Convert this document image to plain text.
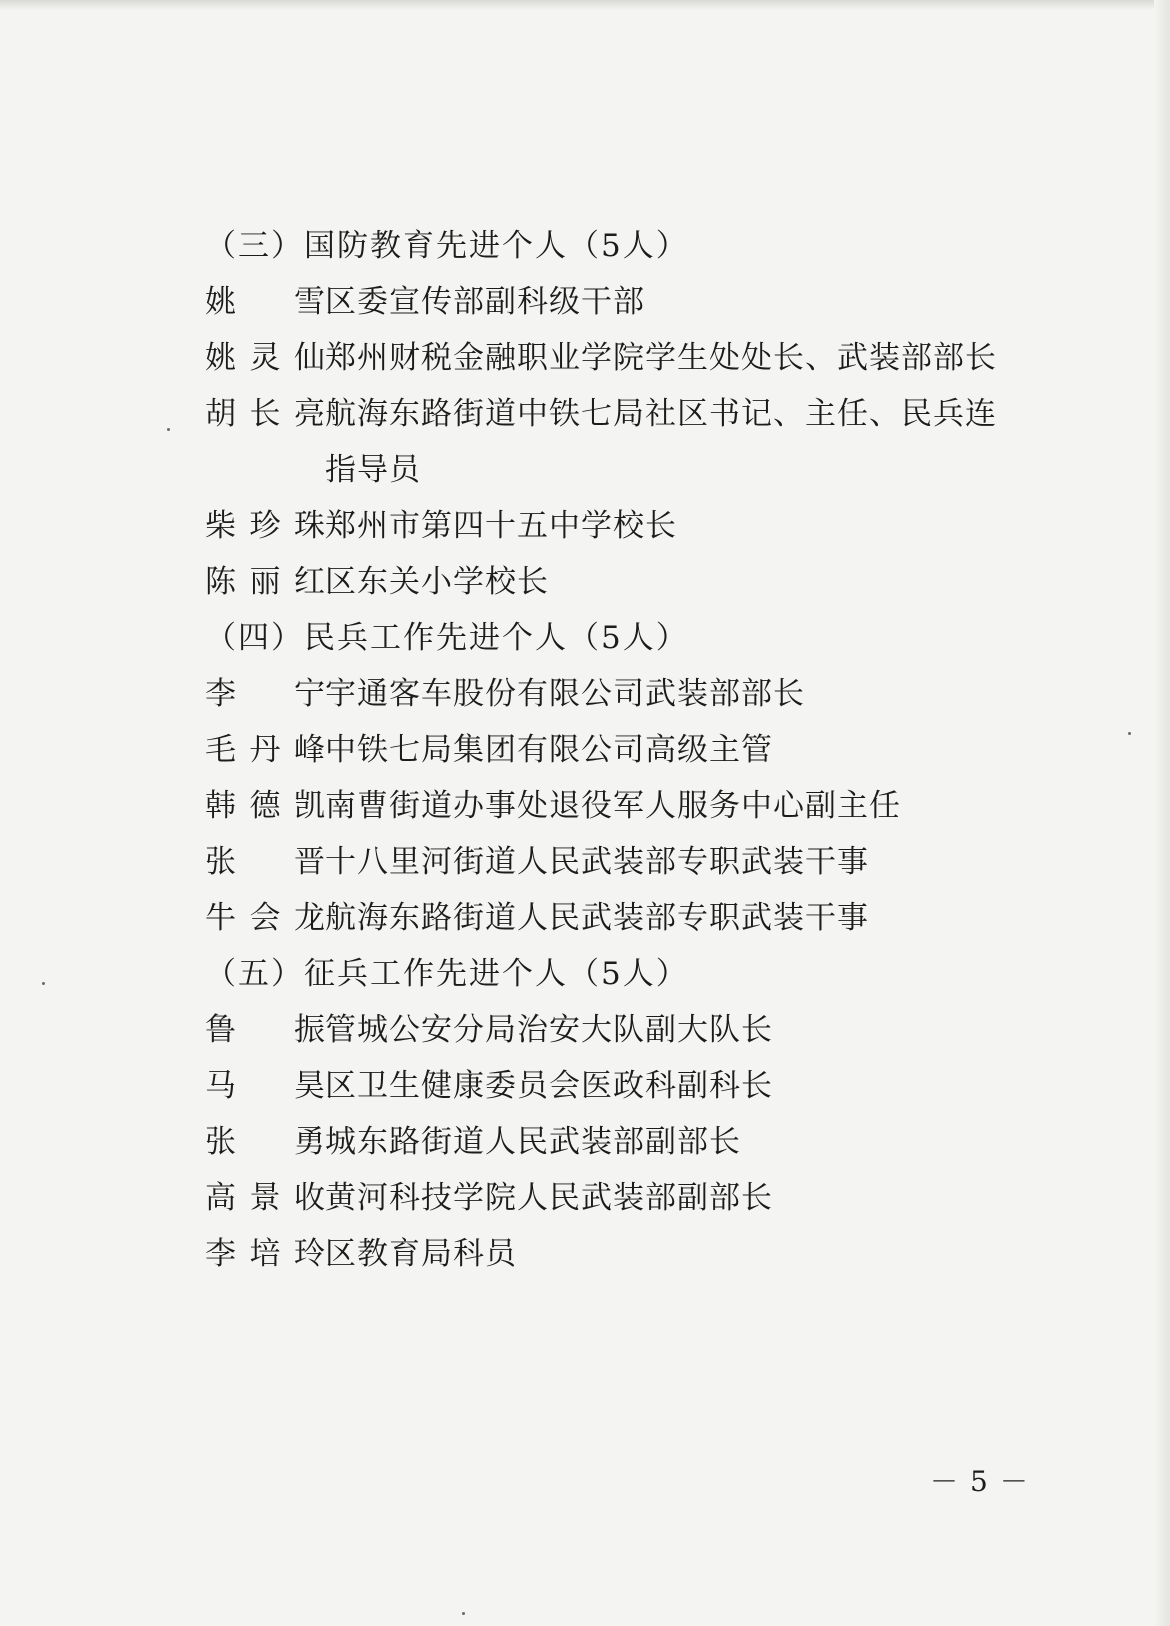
（三）国防教育先进个人（5人）
姚　雪 区委宣传部副科级干部
姚灵仙 郑州财税金融职业学院学生处处长、武装部部长
胡长亮 航海东路街道中铁七局社区书记、主任、民兵连指导员
柴珍珠 郑州市第四十五中学校长
陈丽红 区东关小学校长
（四）民兵工作先进个人（5人）
李　宁 宇通客车股份有限公司武装部部长
毛丹峰 中铁七局集团有限公司高级主管
韩德凯 南曹街道办事处退役军人服务中心副主任
张　晋 十八里河街道人民武装部专职武装干事
牛会龙 航海东路街道人民武装部专职武装干事
（五）征兵工作先进个人（5人）
鲁　振 管城公安分局治安大队副大队长
马　昊 区卫生健康委员会医政科副科长
张　勇 城东路街道人民武装部副部长
高景收 黄河科技学院人民武装部副部长
李培玲 区教育局科员
－5－
